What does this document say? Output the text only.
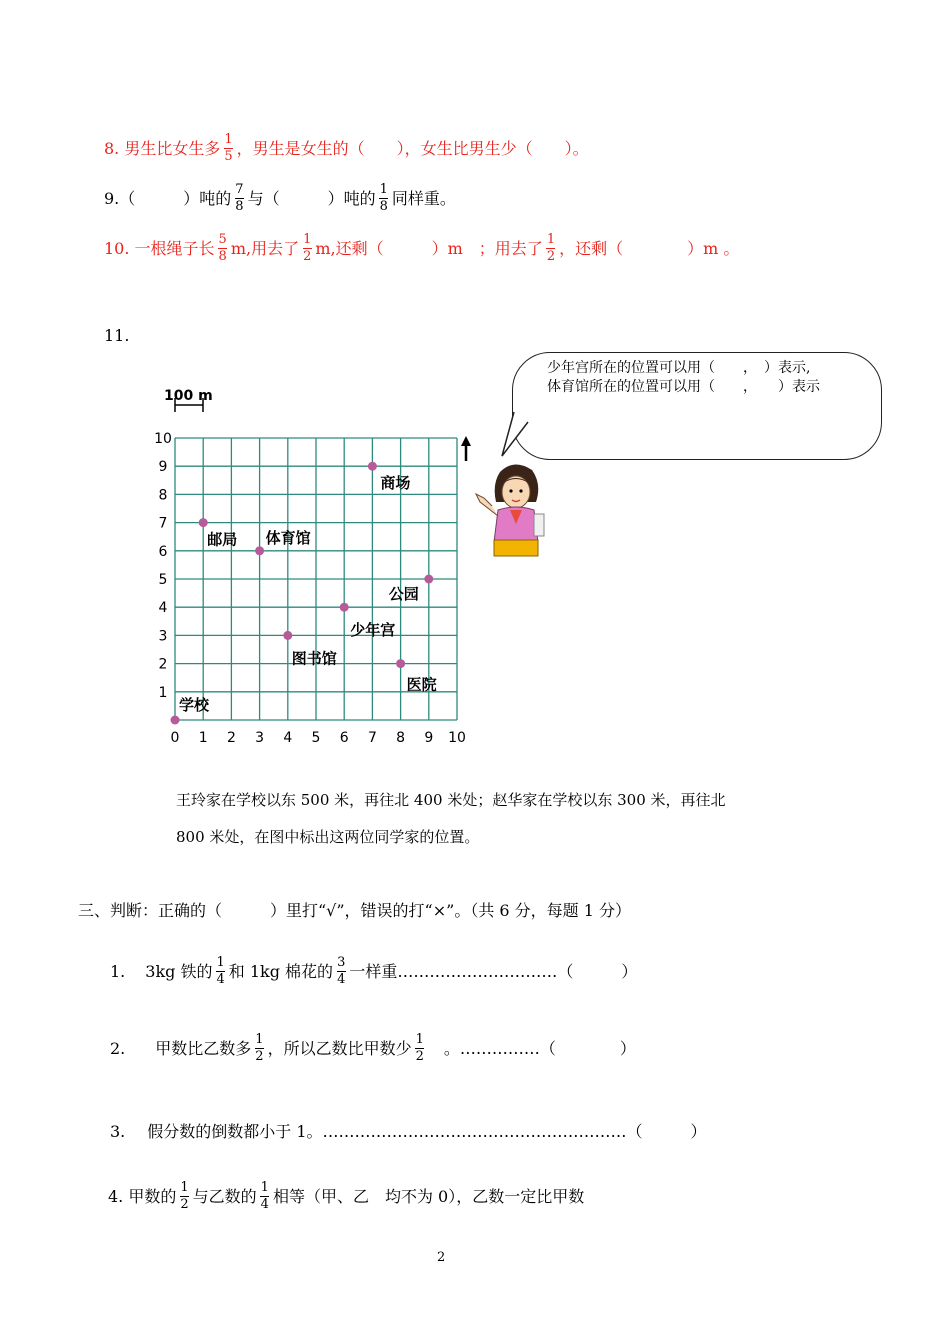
8. 男生比女生多 $\frac{1}{5}$ ，男生是女生的（　　），女生比男生少（　　）。
9.（　　　）吨的 $\frac{7}{8}$ 与（　　　）吨的 $\frac{1}{8}$ 同样重。
10. 一根绳子长 $\frac{5}{8} m$,用去了 $\frac{1}{2} m$,还剩（　　　）m　；用去了 $\frac{1}{2}$ ，还剩（　　　　）m 。
11.
少年宫所在的位置可以用（　　，　）表示,
体育馆所在的位置可以用（　　，　　）表示
100 m
0 1 2 3 4 5 6 7 8 9 10
1
2
3
4
5
6
7
8
9
10
商场
邮局 体育馆
公园
少年宫
图书馆
医院
学校
王玲家在学校以东 500 米，再往北 400 米处；赵华家在学校以东 300 米，再往北
800 米处，在图中标出这两位同学家的位置。
三、判断：正确的（　　　）里打“√”，错误的打“×”。（共 6 分，每题 1 分）
1. 3kg 铁的 $\frac{1}{4}$ 和 1kg 棉花的 $\frac{3}{4}$ 一样重…………………………（　　　）
2. 甲数比乙数多 $\frac{1}{2}$ ，所以乙数比甲数少 $\frac{1}{2}$ 　。……………（　　　　）
3. 假分数的倒数都小于 1。…………………………………………………（　　　）
4. 甲数的 $\frac{1}{2}$ 与乙数的 $\frac{1}{4}$ 相等（甲、乙　均不为 0），乙数一定比甲数
2
